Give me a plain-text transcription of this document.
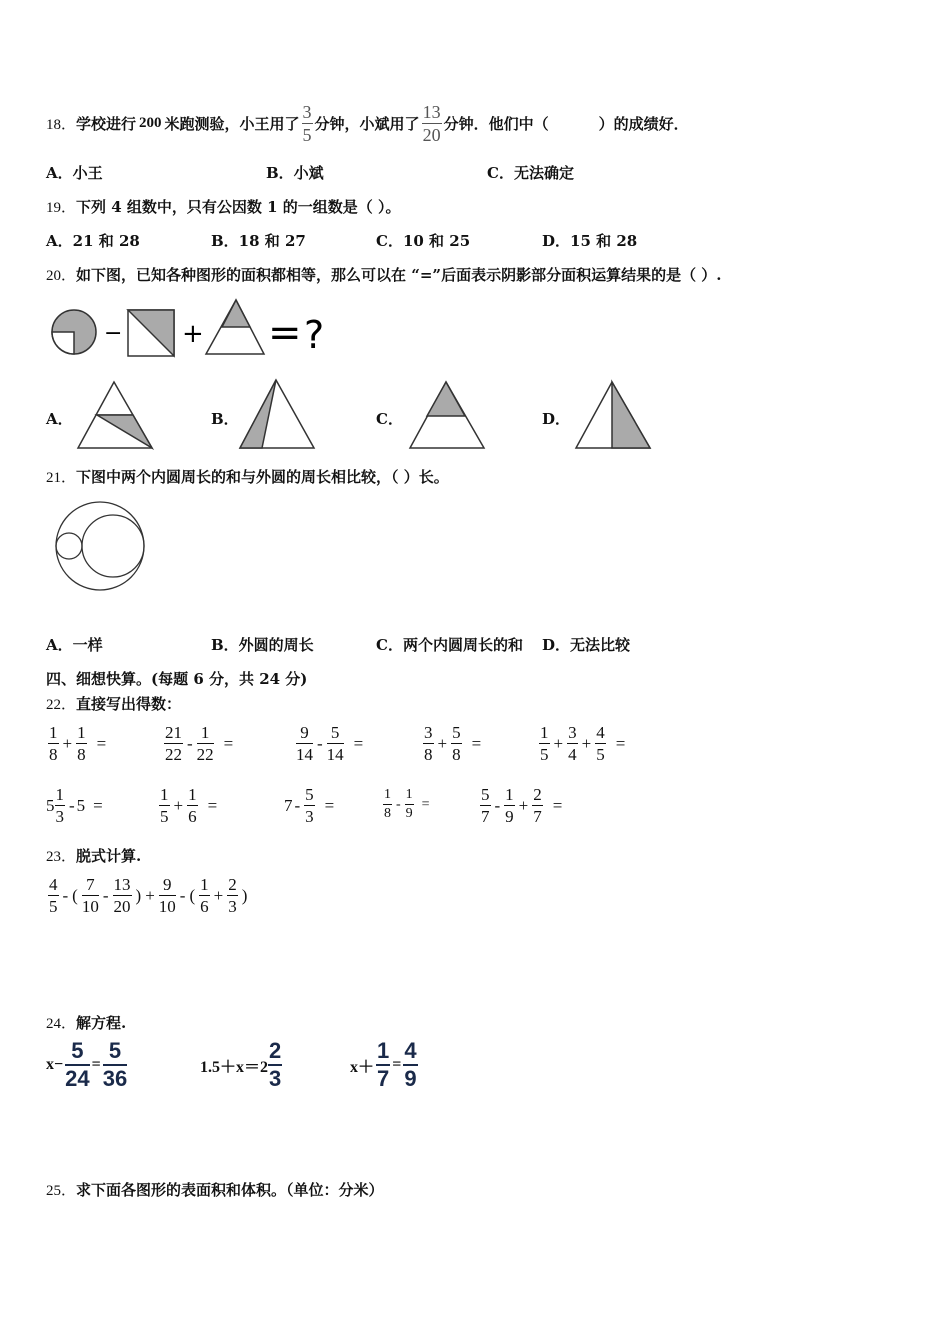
18． 学校进行 200 米跑测验，小王用了 $\frac{3}{5}$ 分钟，小斌用了 $\frac{13}{20}$ 分钟．他们中（	）的成绩好．
A．小王	B．小斌	C．无法确定
19．下列 4 组数中，只有公因数 1 的一组数是（ ）。
A．21 和 28	B．18 和 27	C．10 和 25	D．15 和 28
20．如下图，已知各种图形的面积都相等，那么可以在 “=”后面表示阴影部分面积运算结果的是（ ）.
− + = ?
A．	B．	C．	D．
21．下图中两个内圆周长的和与外圆的周长相比较，（ ）长。
A．一样	B．外圆的周长	C．两个内圆周长的和 D．无法比较
四、细想快算。(每题 6 分，共 24 分)
22．直接写出得数：
$\frac{1}{8} + \frac{1}{8}$ =	$\frac{21}{22} - \frac{1}{22}$ =	$\frac{9}{14} - \frac{5}{14}$ =	$\frac{3}{8} + \frac{5}{8}$ =	$\frac{1}{5} + \frac{3}{4} + \frac{4}{5}$ =
$5 \frac{1}{3} - 5$ =	$\frac{1}{5} + \frac{1}{6}$ =	$7 - \frac{5}{3}$ =	$\frac{1}{8} - \frac{1}{9}$ =	$\frac{5}{7} - \frac{1}{9} + \frac{2}{7}$ =
23．脱式计算.
$\frac{4}{5}$ - ( $\frac{7}{10} - \frac{13}{20}$ ) + $\frac{9}{10}$ - ( $\frac{1}{6} + \frac{2}{3}$ )
24．解方程.
$x- \frac{5}{24} = \frac{5}{36}$	$1.5+x=2 \frac{2}{3}$	$x+ \frac{1}{7} = \frac{4}{9}$
25．求下面各图形的表面积和体积。（单位：分米）
